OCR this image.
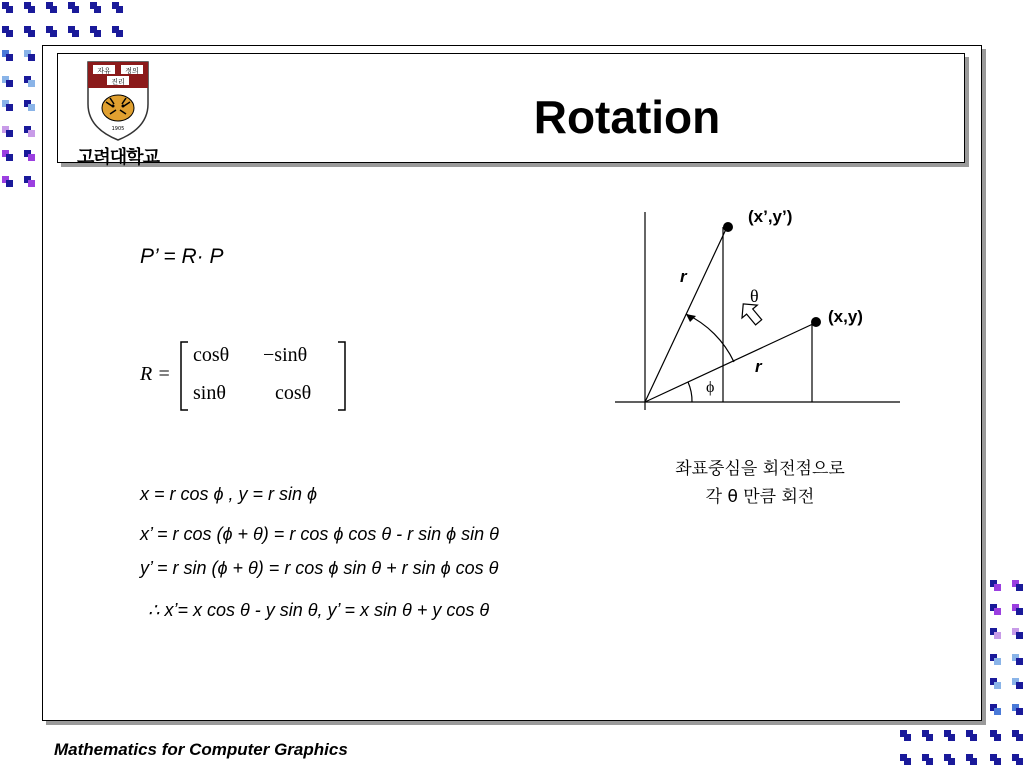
Rotation
자유 정의
진리
1905
고려대학교
P’ = R· P
R =
cosθ −sinθ
sinθ cosθ
x = r cos ϕ , y = r sin ϕ
x’ = r cos (ϕ + θ) = r cos ϕ cos θ - r sin ϕ sin θ
y’ = r sin (ϕ + θ) = r cos ϕ sin θ + r sin ϕ cos θ
∴ x’= x cos θ - y sin θ, y’ = x sin θ + y cos θ
(x’,y’)
(x,y)
r
r
θ
ϕ
좌표중심을 회전점으로
각 θ 만큼 회전
Mathematics for Computer Graphics
